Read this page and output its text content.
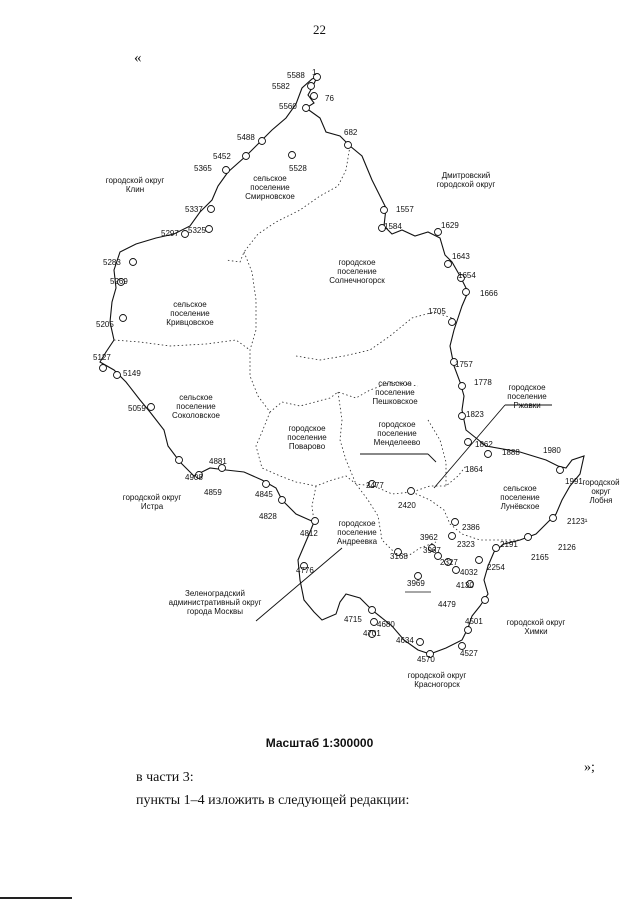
22
«
городской округ Клин
Дмитровский городской округ
сельское поселение Смирновское
городское поселение Солнечногорск
сельское поселение Кривцовское
сельское поселение Соколовское
сельское поселение Пешковское
городское поселение Ржавки
городское поселение Менделеево
городское поселение Поварово
городской округ Истра
сельское поселение Лунёвское
городской округ Лобня
городское поселение Андреевка
Зеленоградский административный округ города Москвы
городской округ Химки
городской округ Красногорск
5588 1
5582
76
5560
682
5488
5528
5452
5365
1557
5337
1584	1629
5325
5297
1643
5283
1654
5269
1666
1705
5205
5127
5149
1757
1778
5059
1823
1862
1864
1888	1980
1991
4881
4908
4859	4845
2477
2420
4828
2123¹
4812
2386
2126
3962
2323	2191
2165
3967
2327
2254
3168
4032
4776
3969	4130
4479
4715
4680
4701
4501
4634
4527
4570
Масштаб 1:300000
»;
в части 3:
пункты 1–4 изложить в следующей редакции:
